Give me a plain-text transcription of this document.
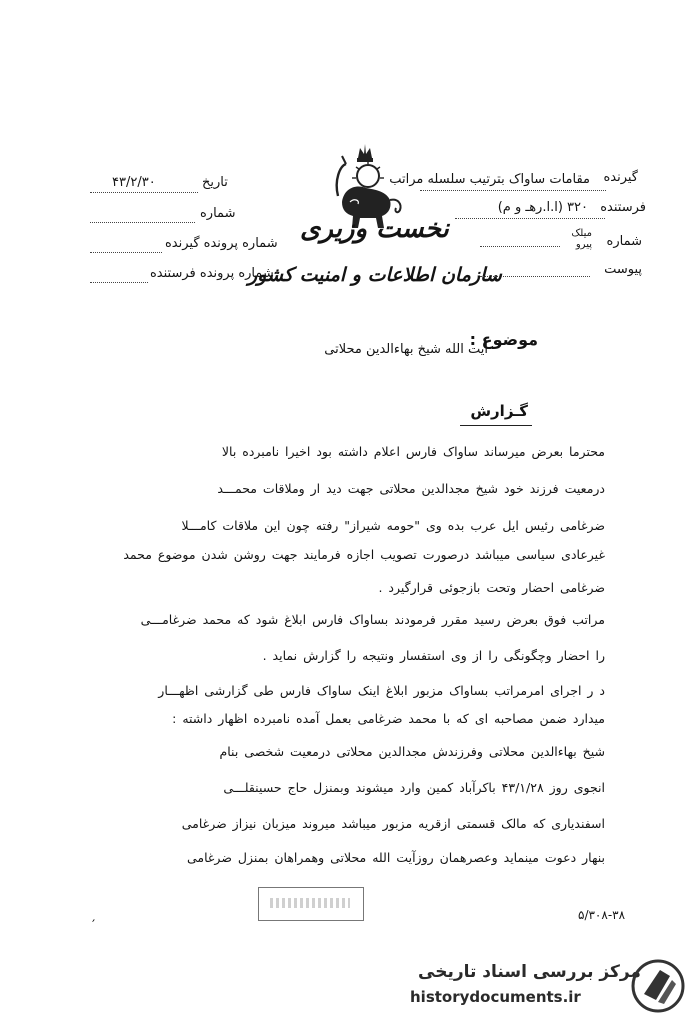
نخست وزیری
سازمان اطلاعات و امنیت کشور
تاریخ
۴۳/۲/۳۰
شماره
شماره پرونده گیرنده
شماره پرونده فرستنده
گیرنده
مقامات ساواک بترتیب سلسله مراتب
فرستنده
۳۲۰ (ا.ا.رهـ و م)
شماره
میلک پیرو
پیوست
موضوع :
آیت الله شیخ بهاءالدین محلاتی
گـزارش
محترما بعرض میرساند ساواک فارس اعلام داشته بود اخیرا نامبرده بالا
درمعیت فرزند خود شیخ مجدالدین محلاتی جهت دید ار وملاقات محمـــد
ضرغامی رئیس ایل عرب بده وی "حومه شیراز" رفته چون این ملاقات کامـــلا
غیرعادی سیاسی میباشد درصورت تصویب اجازه فرمایند جهت روشن شدن موضوع محمد
ضرغامی احضار وتحت بازجوئی قرارگیرد .
مراتب فوق بعرض رسید مقرر فرمودند بساواک فارس ابلاغ شود که محمد ضرغامـــی
را احضار وچگونگی را از وی استفسار ونتیجه را گزارش نماید .
د ر اجرای امرمراتب بساواک مزبور ابلاغ اینک ساواک فارس طی گزارشی اظهـــار
میدارد ضمن مصاحبه ای که با محمد ضرغامی بعمل آمده نامبرده اظهار داشته :
شیخ بهاءالدین محلاتی وفرزندش مجدالدین محلاتی درمعیت شخصی بنام
انجوی روز ۴۳/۱/۲۸ باکرآباد کمین وارد میشوند وبمنزل حاج حسینقلـــی
اسفندیاری که مالک قسمتی ازقریه مزبور میباشد میروند میزبان نیزاز ضرغامی
بنهار دعوت مینماید وعصرهمان روزآیت الله محلاتی وهمراهان بمنزل ضرغامی
۵/۳۰۸-۳۸
′
مرکز بررسی اسناد تاریخی
historydocuments.ir
